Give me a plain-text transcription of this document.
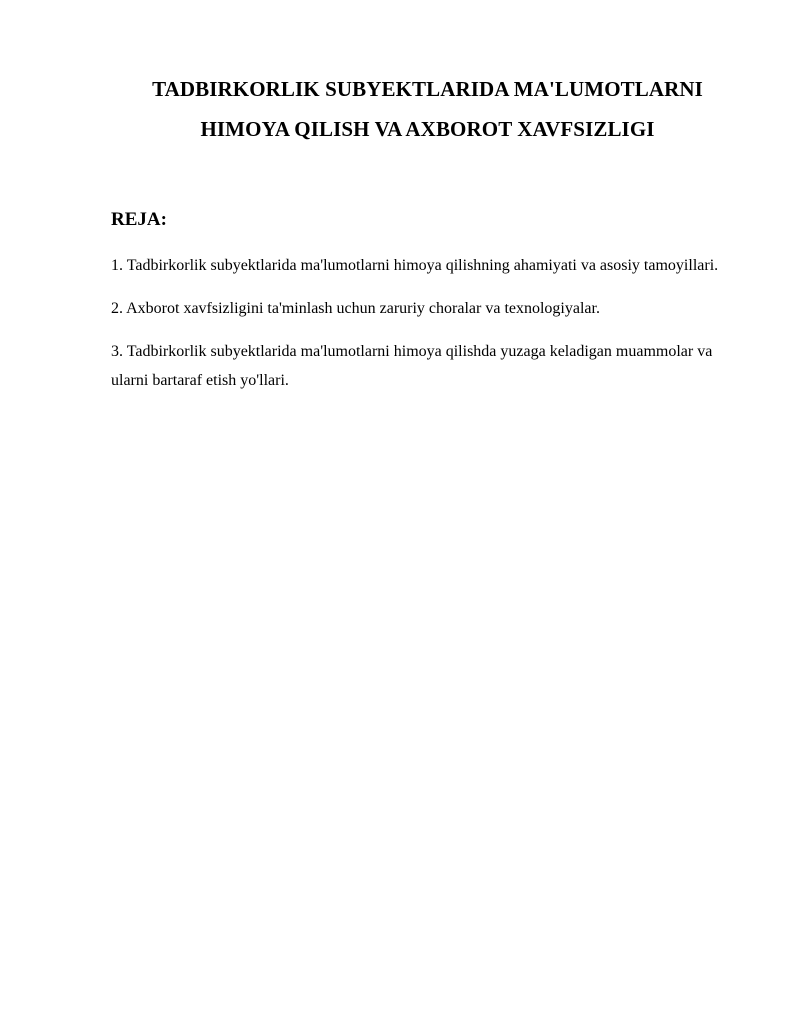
TADBIRKORLIK SUBYEKTLARIDA MA'LUMOTLARNI
HIMOYA QILISH VA AXBOROT XAVFSIZLIGI
REJA:
1. Tadbirkorlik subyektlarida ma'lumotlarni himoya qilishning ahamiyati va asosiy tamoyillari.
2. Axborot xavfsizligini ta'minlash uchun zaruriy choralar va texnologiyalar.
3. Tadbirkorlik subyektlarida ma'lumotlarni himoya qilishda yuzaga keladigan muammolar va ularni bartaraf etish yo'llari.
